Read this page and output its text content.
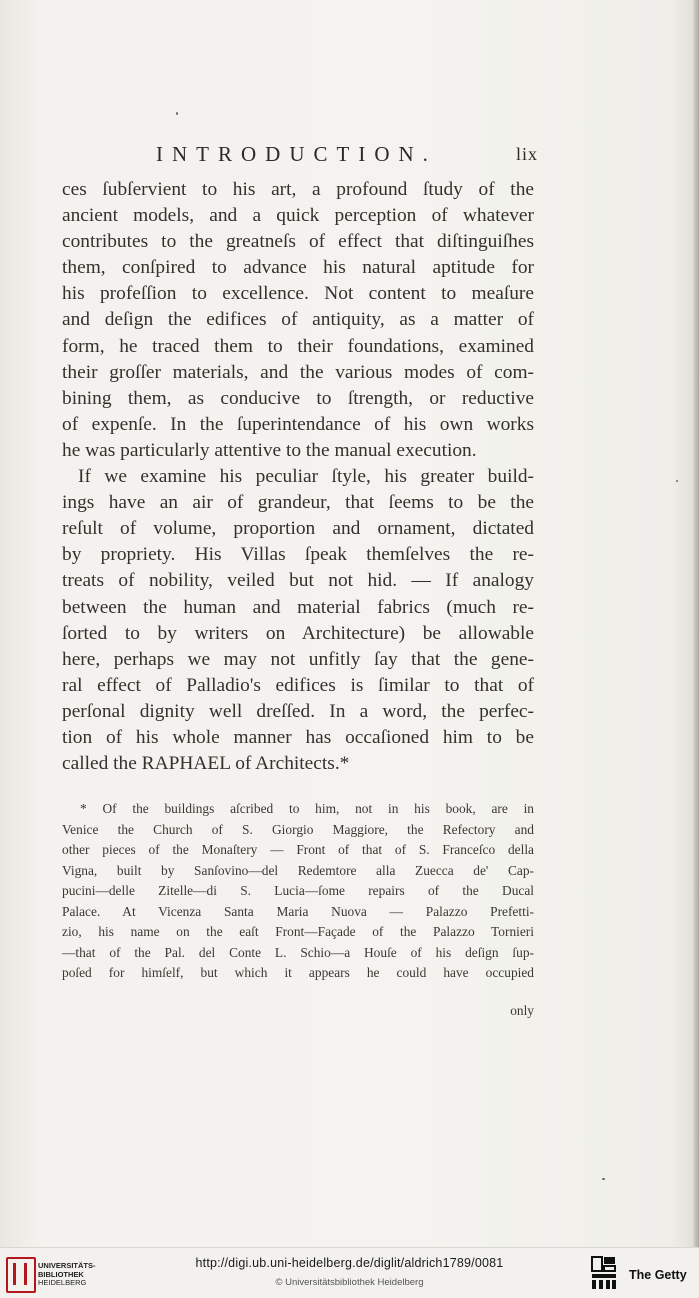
INTRODUCTION.	lix
ces ſubſervient to his art, a profound ſtudy of the
ancient models, and a quick perception of whatever
contributes to the greatneſs of effect that diſtinguiſhes
them, conſpired to advance his natural aptitude for
his profeſſion to excellence. Not content to meaſure
and deſign the edifices of antiquity, as a matter of
form, he traced them to their foundations, examined
their groſſer materials, and the various modes of com-
bining them, as conducive to ſtrength, or reductive
of expenſe. In the ſuperintendance of his own works
he was particularly attentive to the manual execution.
If we examine his peculiar ſtyle, his greater build-
ings have an air of grandeur, that ſeems to be the
reſult of volume, proportion and ornament, dictated
by propriety. His Villas ſpeak themſelves the re-
treats of nobility, veiled but not hid. — If analogy
between the human and material fabrics (much re-
ſorted to by writers on Architecture) be allowable
here, perhaps we may not unfitly ſay that the gene-
ral effect of Palladio's edifices is ſimilar to that of
perſonal dignity well dreſſed. In a word, the perfec-
tion of his whole manner has occaſioned him to be
called the RAPHAEL of Architects.*
* Of the buildings aſcribed to him, not in his book, are in
Venice the Church of S. Giorgio Maggiore, the Refectory and
other pieces of the Monaſtery — Front of that of S. Franceſco della
Vigna, built by Sanſovino—del Redemtore alla Zuecca de' Cap-
pucini—delle Zitelle—di S. Lucia—ſome repairs of the Ducal
Palace. At Vicenza Santa Maria Nuova — Palazzo Prefetti-
zio, his name on the eaſt Front—Façade of the Palazzo Tornieri
—that of the Pal. del Conte L. Schio—a Houſe of his deſign ſup-
poſed for himſelf, but which it appears he could have occupied
only
UNIVERSITÄTS-
BIBLIOTHEK
HEIDELBERG
http://digi.ub.uni-heidelberg.de/diglit/aldrich1789/0081
© Universitätsbibliothek Heidelberg
The Getty
